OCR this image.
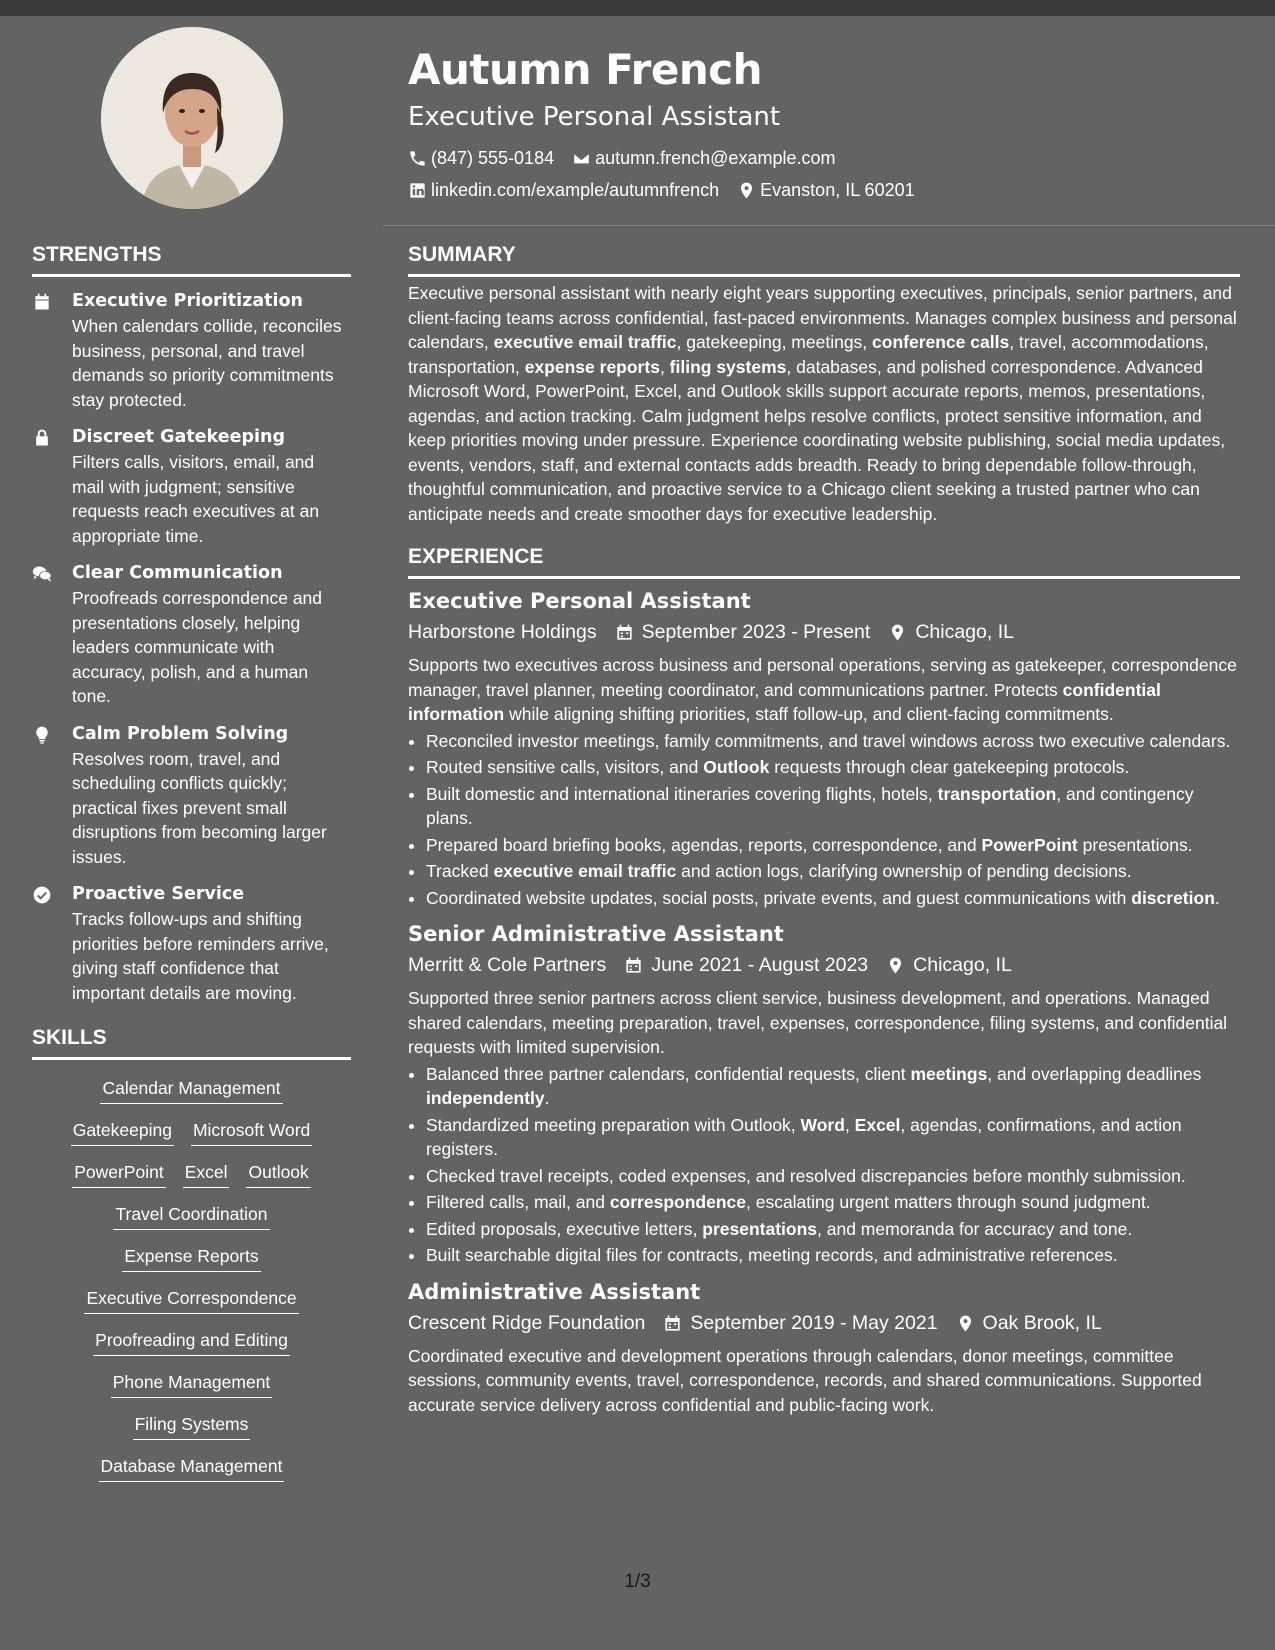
Autumn French
Executive Personal Assistant
(847) 555-0184 autumn.french@example.com
linkedin.com/example/autumnfrench Evanston, IL 60201
STRENGTHS
Executive Prioritization

When calendars collide, reconciles business, personal, and travel demands so priority commitments stay protected.

Discreet Gatekeeping

Filters calls, visitors, email, and mail with judgment; sensitive requests reach executives at an appropriate time.

Clear Communication

Proofreads correspondence and presentations closely, helping leaders communicate with accuracy, polish, and a human tone.

Calm Problem Solving

Resolves room, travel, and scheduling conflicts quickly; practical fixes prevent small disruptions from becoming larger issues.

Proactive Service

Tracks follow-ups and shifting priorities before reminders arrive, giving staff confidence that important details are moving.

SKILLS
Calendar Management
Gatekeeping Microsoft Word
PowerPoint Excel Outlook
Travel Coordination
Expense Reports
Executive Correspondence
Proofreading and Editing
Phone Management
Filing Systems
Database Management
SUMMARY

Executive personal assistant with nearly eight years supporting executives, principals, senior partners, and client-facing teams across confidential, fast-paced environments. Manages complex business and personal calendars, executive email traffic, gatekeeping, meetings, conference calls, travel, accommodations, transportation, expense reports, filing systems, databases, and polished correspondence. Advanced Microsoft Word, PowerPoint, Excel, and Outlook skills support accurate reports, memos, presentations, agendas, and action tracking. Calm judgment helps resolve conflicts, protect sensitive information, and keep priorities moving under pressure. Experience coordinating website publishing, social media updates, events, vendors, staff, and external contacts adds breadth. Ready to bring dependable follow-through, thoughtful communication, and proactive service to a Chicago client seeking a trusted partner who can anticipate needs and create smoother days for executive leadership.

EXPERIENCE
Executive Personal Assistant
Harborstone Holdings September 2023 - Present Chicago, IL

Supports two executives across business and personal operations, serving as gatekeeper, correspondence manager, travel planner, meeting coordinator, and communications partner. Protects confidential information while aligning shifting priorities, staff follow-up, and client-facing commitments.

• Reconciled investor meetings, family commitments, and travel windows across two executive calendars.
• Routed sensitive calls, visitors, and Outlook requests through clear gatekeeping protocols.
• Built domestic and international itineraries covering flights, hotels, transportation, and contingency plans.
• Prepared board briefing books, agendas, reports, correspondence, and PowerPoint presentations.
• Tracked executive email traffic and action logs, clarifying ownership of pending decisions.
• Coordinated website updates, social posts, private events, and guest communications with discretion.
Senior Administrative Assistant
Merritt & Cole Partners June 2021 - August 2023 Chicago, IL

Supported three senior partners across client service, business development, and operations. Managed shared calendars, meeting preparation, travel, expenses, correspondence, filing systems, and confidential requests with limited supervision.

• Balanced three partner calendars, confidential requests, client meetings, and overlapping deadlines independently.
• Standardized meeting preparation with Outlook, Word, Excel, agendas, confirmations, and action registers.
• Checked travel receipts, coded expenses, and resolved discrepancies before monthly submission.
• Filtered calls, mail, and correspondence, escalating urgent matters through sound judgment.
• Edited proposals, executive letters, presentations, and memoranda for accuracy and tone.
• Built searchable digital files for contracts, meeting records, and administrative references.
Administrative Assistant
Crescent Ridge Foundation September 2019 - May 2021 Oak Brook, IL

Coordinated executive and development operations through calendars, donor meetings, committee sessions, community events, travel, correspondence, records, and shared communications. Supported accurate service delivery across confidential and public-facing work.

1/3
